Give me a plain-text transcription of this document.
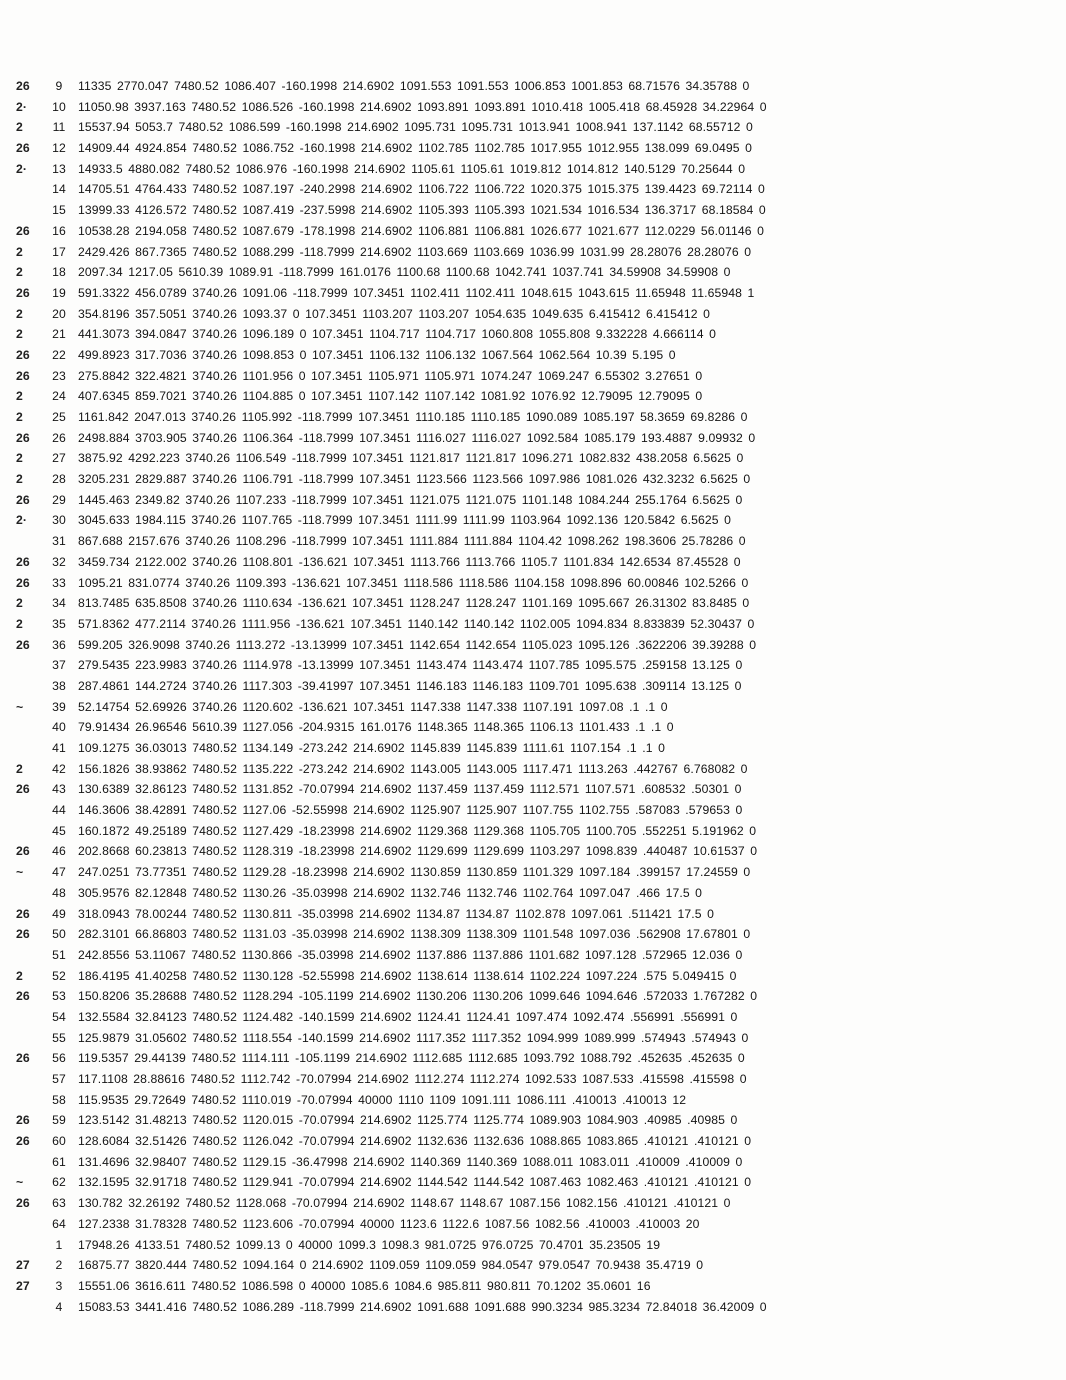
26	9	11335 2770.047 7480.52 1086.407 -160.1998 214.6902 1091.553 1091.553 1006.853 1001.853 68.71576 34.35788 0
2·	10 11050.98 3937.163 7480.52 1086.526 -160.1998 214.6902 1093.891 1093.891 1010.418 1005.418 68.45928 34.22964 0
2	11	15537.94 5053.7 7480.52 1086.599 -160.1998 214.6902 1095.731 1095.731 1013.941 1008.941 137.1142 68.55712 0
26	12 14909.44 4924.854 7480.52 1086.752 -160.1998 214.6902 1102.785 1102.785 1017.955 1012.955 138.099 69.0495 0
2·	13 14933.5 4880.082 7480.52 1086.976 -160.1998 214.6902 1105.61 1105.61 1019.812 1014.812 140.5129 70.25644 0
14 14705.51 4764.433 7480.52 1087.197 -240.2998 214.6902 1106.722 1106.722 1020.375 1015.375 139.4423 69.72114 0
15 13999.33 4126.572 7480.52 1087.419 -237.5998 214.6902 1105.393 1105.393 1021.534 1016.534 136.3717 68.18584 0
26	16 10538.28 2194.058 7480.52 1087.679 -178.1998 214.6902 1106.881 1106.881 1026.677 1021.677 112.0229 56.01146 0
2	17 2429.426 867.7365 7480.52 1088.299 -118.7999 214.6902 1103.669 1103.669 1036.99 1031.99 28.28076 28.28076 0
2	18 2097.34 1217.05 5610.39 1089.91 -118.7999 161.0176 1100.68 1100.68 1042.741 1037.741 34.59908 34.59908 0
26	19 591.3322 456.0789 3740.26 1091.06 -118.7999 107.3451 1102.411 1102.411 1048.615 1043.615 11.65948 11.65948 1
2	20 354.8196 357.5051 3740.26 1093.37 0 107.3451 1103.207 1103.207 1054.635 1049.635 6.415412 6.415412 0
2	21 441.3073 394.0847 3740.26 1096.189 0 107.3451 1104.717 1104.717 1060.808 1055.808 9.332228 4.666114 0
26	22 499.8923 317.7036 3740.26 1098.853 0 107.3451 1106.132 1106.132 1067.564 1062.564 10.39 5.195 0
26	23 275.8842 322.4821 3740.26 1101.956 0 107.3451 1105.971 1105.971 1074.247 1069.247 6.55302 3.27651 0
2	24 407.6345 859.7021 3740.26 1104.885 0 107.3451 1107.142 1107.142 1081.92 1076.92 12.79095 12.79095 0
2	25 1161.842 2047.013 3740.26 1105.992 -118.7999 107.3451 1110.185 1110.185 1090.089 1085.197 58.3659 69.8286 0
26	26 2498.884 3703.905 3740.26 1106.364 -118.7999 107.3451 1116.027 1116.027 1092.584 1085.179 193.4887 9.09932 0
2	27 3875.92 4292.223 3740.26 1106.549 -118.7999 107.3451 1121.817 1121.817 1096.271 1082.832 438.2058 6.5625 0
2	28 3205.231 2829.887 3740.26 1106.791 -118.7999 107.3451 1123.566 1123.566 1097.986 1081.026 432.3232 6.5625 0
26	29 1445.463 2349.82 3740.26 1107.233 -118.7999 107.3451 1121.075 1121.075 1101.148 1084.244 255.1764 6.5625 0
2·	30 3045.633 1984.115 3740.26 1107.765 -118.7999 107.3451 1111.99 1111.99 1103.964 1092.136 120.5842 6.5625 0
31 867.688 2157.676 3740.26 1108.296 -118.7999 107.3451 1111.884 1111.884 1104.42 1098.262 198.3606 25.78286 0
26	32 3459.734 2122.002 3740.26 1108.801 -136.621 107.3451 1113.766 1113.766 1105.7 1101.834 142.6534 87.45528 0
26	33 1095.21 831.0774 3740.26 1109.393 -136.621 107.3451 1118.586 1118.586 1104.158 1098.896 60.00846 102.5266 0
2	34 813.7485 635.8508 3740.26 1110.634 -136.621 107.3451 1128.247 1128.247 1101.169 1095.667 26.31302 83.8485 0
2	35 571.8362 477.2114 3740.26 1111.956 -136.621 107.3451 1140.142 1140.142 1102.005 1094.834 8.833839 52.30437 0
26	36 599.205 326.9098 3740.26 1113.272 -13.13999 107.3451 1142.654 1142.654 1105.023 1095.126 .3622206 39.39288 0
37 279.5435 223.9983 3740.26 1114.978 -13.13999 107.3451 1143.474 1143.474 1107.785 1095.575 .259158 13.125 0
38 287.4861 144.2724 3740.26 1117.303 -39.41997 107.3451 1146.183 1146.183 1109.701 1095.638 .309114 13.125 0
~	39 52.14754 52.69926 3740.26 1120.602 -136.621 107.3451 1147.338 1147.338 1107.191 1097.08 .1 .1 0
40 79.91434 26.96546 5610.39 1127.056 -204.9315 161.0176 1148.365 1148.365 1106.13 1101.433 .1 .1 0
41 109.1275 36.03013 7480.52 1134.149 -273.242 214.6902 1145.839 1145.839 1111.61 1107.154 .1 .1 0
2	42 156.1826 38.93862 7480.52 1135.222 -273.242 214.6902 1143.005 1143.005 1117.471 1113.263 .442767 6.768082 0
26	43 130.6389 32.86123 7480.52 1131.852 -70.07994 214.6902 1137.459 1137.459 1112.571 1107.571 .608532 .50301 0
44 146.3606 38.42891 7480.52 1127.06 -52.55998 214.6902 1125.907 1125.907 1107.755 1102.755 .587083 .579653 0
45 160.1872 49.25189 7480.52 1127.429 -18.23998 214.6902 1129.368 1129.368 1105.705 1100.705 .552251 5.191962 0
26	46 202.8668 60.23813 7480.52 1128.319 -18.23998 214.6902 1129.699 1129.699 1103.297 1098.839 .440487 10.61537 0
~	47 247.0251 73.77351 7480.52 1129.28 -18.23998 214.6902 1130.859 1130.859 1101.329 1097.184 .399157 17.24559 0
48 305.9576 82.12848 7480.52 1130.26 -35.03998 214.6902 1132.746 1132.746 1102.764 1097.047 .466 17.5 0
26	49 318.0943 78.00244 7480.52 1130.811 -35.03998 214.6902 1134.87 1134.87 1102.878 1097.061 .511421 17.5 0
26	50 282.3101 66.86803 7480.52 1131.03 -35.03998 214.6902 1138.309 1138.309 1101.548 1097.036 .562908 17.67801 0
51 242.8556 53.11067 7480.52 1130.866 -35.03998 214.6902 1137.886 1137.886 1101.682 1097.128 .572965 12.036 0
2	52 186.4195 41.40258 7480.52 1130.128 -52.55998 214.6902 1138.614 1138.614 1102.224 1097.224 .575 5.049415 0
26	53 150.8206 35.28688 7480.52 1128.294 -105.1199 214.6902 1130.206 1130.206 1099.646 1094.646 .572033 1.767282 0
54 132.5584 32.84123 7480.52 1124.482 -140.1599 214.6902 1124.41 1124.41 1097.474 1092.474 .556991 .556991 0
55 125.9879 31.05602 7480.52 1118.554 -140.1599 214.6902 1117.352 1117.352 1094.999 1089.999 .574943 .574943 0
26	56 119.5357 29.44139 7480.52 1114.111 -105.1199 214.6902 1112.685 1112.685 1093.792 1088.792 .452635 .452635 0
57 117.1108 28.88616 7480.52 1112.742 -70.07994 214.6902 1112.274 1112.274 1092.533 1087.533 .415598 .415598 0
58 115.9535 29.72649 7480.52 1110.019 -70.07994 40000 1110 1109 1091.111 1086.111 .410013 .410013 12
26	59 123.5142 31.48213 7480.52 1120.015 -70.07994 214.6902 1125.774 1125.774 1089.903 1084.903 .40985 .40985 0
26	60 128.6084 32.51426 7480.52 1126.042 -70.07994 214.6902 1132.636 1132.636 1088.865 1083.865 .410121 .410121 0
61 131.4696 32.98407 7480.52 1129.15 -36.47998 214.6902 1140.369 1140.369 1088.011 1083.011 .410009 .410009 0
~	62 132.1595 32.91718 7480.52 1129.941 -70.07994 214.6902 1144.542 1144.542 1087.463 1082.463 .410121 .410121 0
26	63 130.782 32.26192 7480.52 1128.068 -70.07994 214.6902 1148.67 1148.67 1087.156 1082.156 .410121 .410121 0
64 127.2338 31.78328 7480.52 1123.606 -70.07994 40000 1123.6 1122.6 1087.56 1082.56 .410003 .410003 20
1	17948.26 4133.51 7480.52 1099.13 0 40000 1099.3 1098.3 981.0725 976.0725 70.4701 35.23505 19
27	2	16875.77 3820.444 7480.52 1094.164 0 214.6902 1109.059 1109.059 984.0547 979.0547 70.9438 35.4719 0
27	3	15551.06 3616.611 7480.52 1086.598 0 40000 1085.6 1084.6 985.811 980.811 70.1202 35.0601 16
4	15083.53 3441.416 7480.52 1086.289 -118.7999 214.6902 1091.688 1091.688 990.3234 985.3234 72.84018 36.42009 0
